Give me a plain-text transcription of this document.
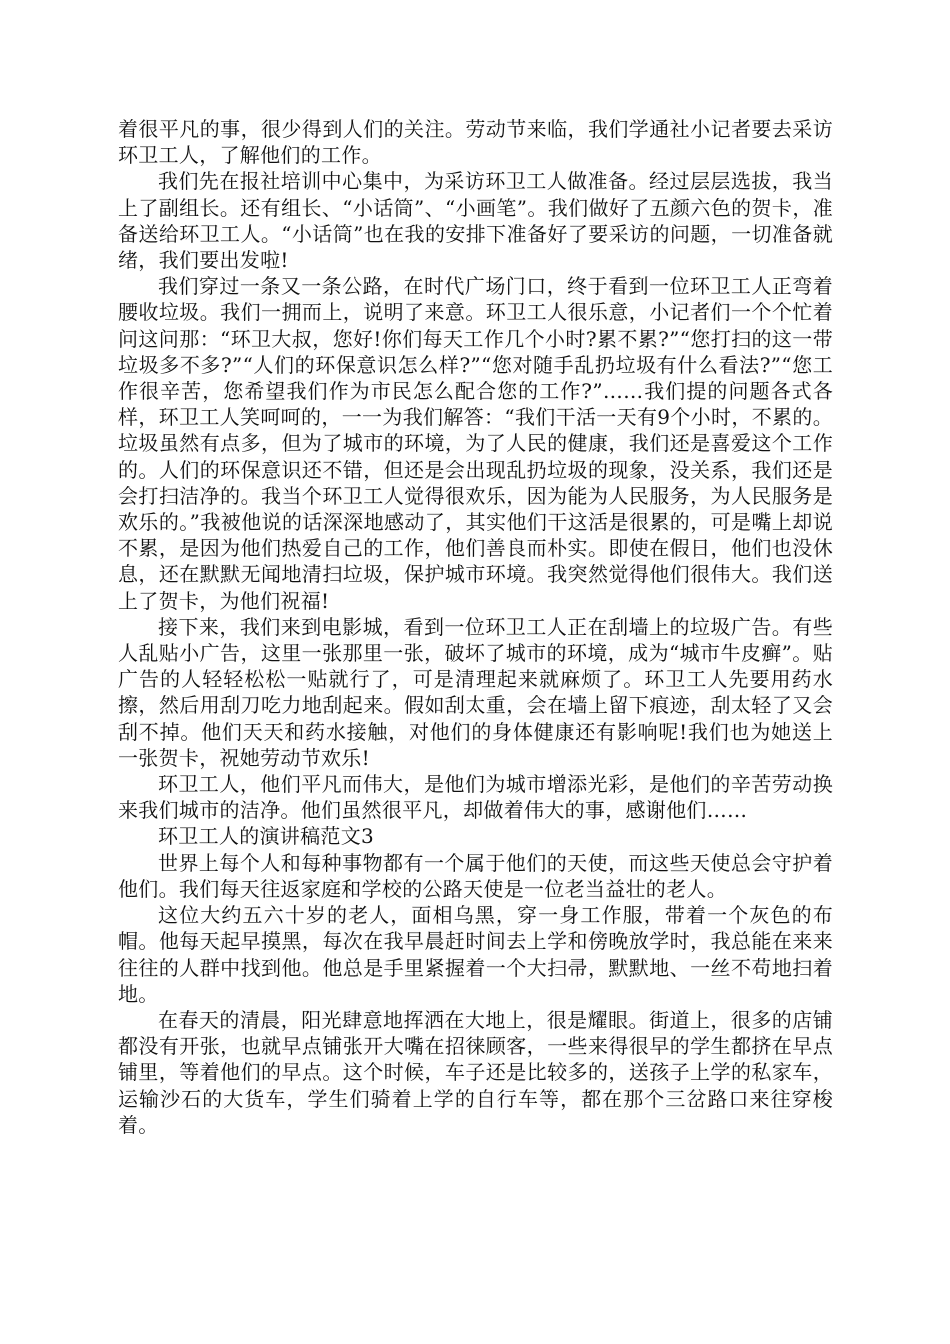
着很平凡的事，很少得到人们的关注。劳动节来临，我们学通社小记者要去采访环卫工人，了解他们的工作。

我们先在报社培训中心集中，为采访环卫工人做准备。经过层层选拔，我当上了副组长。还有组长、“小话筒”、“小画笔”。我们做好了五颜六色的贺卡，准备送给环卫工人。“小话筒”也在我的安排下准备好了要采访的问题，一切准备就绪，我们要出发啦!

我们穿过一条又一条公路，在时代广场门口，终于看到一位环卫工人正弯着腰收垃圾。我们一拥而上，说明了来意。环卫工人很乐意，小记者们一个个忙着问这问那：“环卫大叔，您好!你们每天工作几个小时?累不累?”“您打扫的这一带垃圾多不多?”“人们的环保意识怎么样?”“您对随手乱扔垃圾有什么看法?”“您工作很辛苦，您希望我们作为市民怎么配合您的工作?”……我们提的问题各式各样，环卫工人笑呵呵的，一一为我们解答：“我们干活一天有9个小时，不累的。垃圾虽然有点多，但为了城市的环境，为了人民的健康，我们还是喜爱这个工作的。人们的环保意识还不错，但还是会出现乱扔垃圾的现象，没关系，我们还是会打扫洁净的。我当个环卫工人觉得很欢乐，因为能为人民服务，为人民服务是欢乐的。”我被他说的话深深地感动了，其实他们干这活是很累的，可是嘴上却说不累，是因为他们热爱自己的工作，他们善良而朴实。即使在假日，他们也没休息，还在默默无闻地清扫垃圾，保护城市环境。我突然觉得他们很伟大。我们送上了贺卡，为他们祝福!

接下来，我们来到电影城，看到一位环卫工人正在刮墙上的垃圾广告。有些人乱贴小广告，这里一张那里一张，破坏了城市的环境，成为“城市牛皮癣”。贴广告的人轻轻松松一贴就行了，可是清理起来就麻烦了。环卫工人先要用药水擦，然后用刮刀吃力地刮起来。假如刮太重，会在墙上留下痕迹，刮太轻了又会刮不掉。他们天天和药水接触，对他们的身体健康还有影响呢!我们也为她送上一张贺卡，祝她劳动节欢乐!

环卫工人，他们平凡而伟大，是他们为城市增添光彩，是他们的辛苦劳动换来我们城市的洁净。他们虽然很平凡，却做着伟大的事，感谢他们……

环卫工人的演讲稿范文3

世界上每个人和每种事物都有一个属于他们的天使，而这些天使总会守护着他们。我们每天往返家庭和学校的公路天使是一位老当益壮的老人。

这位大约五六十岁的老人，面相乌黑，穿一身工作服，带着一个灰色的布帽。他每天起早摸黑，每次在我早晨赶时间去上学和傍晚放学时，我总能在来来往往的人群中找到他。他总是手里紧握着一个大扫帚，默默地、一丝不苟地扫着地。

在春天的清晨，阳光肆意地挥洒在大地上，很是耀眼。街道上，很多的店铺都没有开张，也就早点铺张开大嘴在招徕顾客，一些来得很早的学生都挤在早点铺里，等着他们的早点。这个时候，车子还是比较多的，送孩子上学的私家车，运输沙石的大货车，学生们骑着上学的自行车等，都在那个三岔路口来往穿梭着。
